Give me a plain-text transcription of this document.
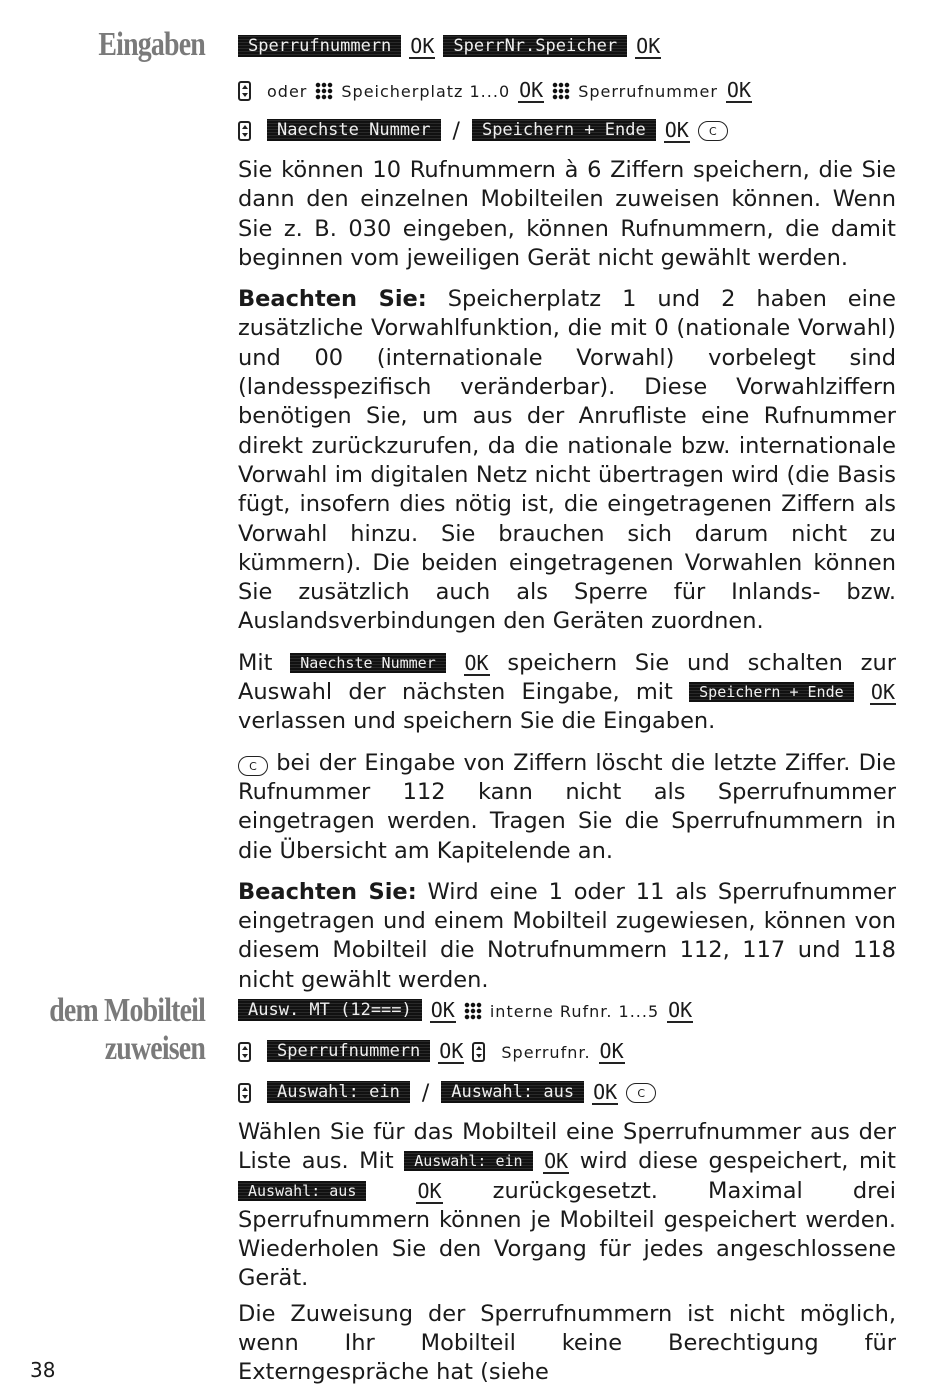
Eingaben
dem Mobilteil
zuweisen
Sperrufnummern OK	SperrNr.Speicher OK
oder Speicherplatz 1...0 OK Sperrufnummer OK
Naechste Nummer	/	Speichern + Ende OK	C

Sie können 10 Rufnummern à 6 Ziffern speichern, die Sie dann den einzelnen Mobilteilen zuweisen können. Wenn Sie z. B. 030 eingeben, können Rufnummern, die damit beginnen vom jeweiligen Gerät nicht gewählt werden.

Beachten Sie: Speicherplatz 1 und 2 haben eine zusätzliche Vorwahlfunktion, die mit 0 (nationale Vorwahl) und 00 (internationale Vorwahl) vorbelegt sind (landesspezifisch veränderbar). Diese Vorwahlziffern benötigen Sie, um aus der Anrufliste eine Rufnummer direkt zurückzurufen, da die nationale bzw. internationale Vorwahl im digitalen Netz nicht übertragen wird (die Basis fügt, insofern dies nötig ist, die eingetragenen Ziffern als Vorwahl hinzu. Sie brauchen sich darum nicht zu kümmern). Die beiden eingetragenen Vorwahlen können Sie zusätzlich auch als Sperre für Inlands- bzw. Auslandsverbindungen den Geräten zuordnen.

Mit Naechste Nummer OK speichern Sie und schalten zur Auswahl der nächsten Eingabe, mit Speichern + Ende OK verlassen und speichern Sie die Eingaben.

C bei der Eingabe von Ziffern löscht die letzte Ziffer. Die Rufnummer 112 kann nicht als Sperrufnummer eingetragen werden. Tragen Sie die Sperrufnummern in die Übersicht am Kapitelende an.

Beachten Sie: Wird eine 1 oder 11 als Sperrufnummer eingetragen und einem Mobilteil zugewiesen, können von diesem Mobilteil die Notrufnummern 112, 117 und 118 nicht gewählt werden.

Ausw. MT (12===) OK interne Rufnr. 1...5 OK
Sperrufnummern OK Sperrufnr. OK
Auswahl: ein	/	Auswahl: aus OK	C

Wählen Sie für das Mobilteil eine Sperrufnummer aus der Liste aus. Mit Auswahl: ein OK wird diese gespeichert, mit Auswahl: aus	OK zurückgesetzt. Maximal drei Sperrufnummern können je Mobilteil gespeichert werden. Wiederholen Sie den Vorgang für jedes angeschlossene Gerät.

Die Zuweisung der Sperrufnummern ist nicht möglich, wenn Ihr Mobilteil keine Berechtigung für Externgespräche hat (siehe

38
